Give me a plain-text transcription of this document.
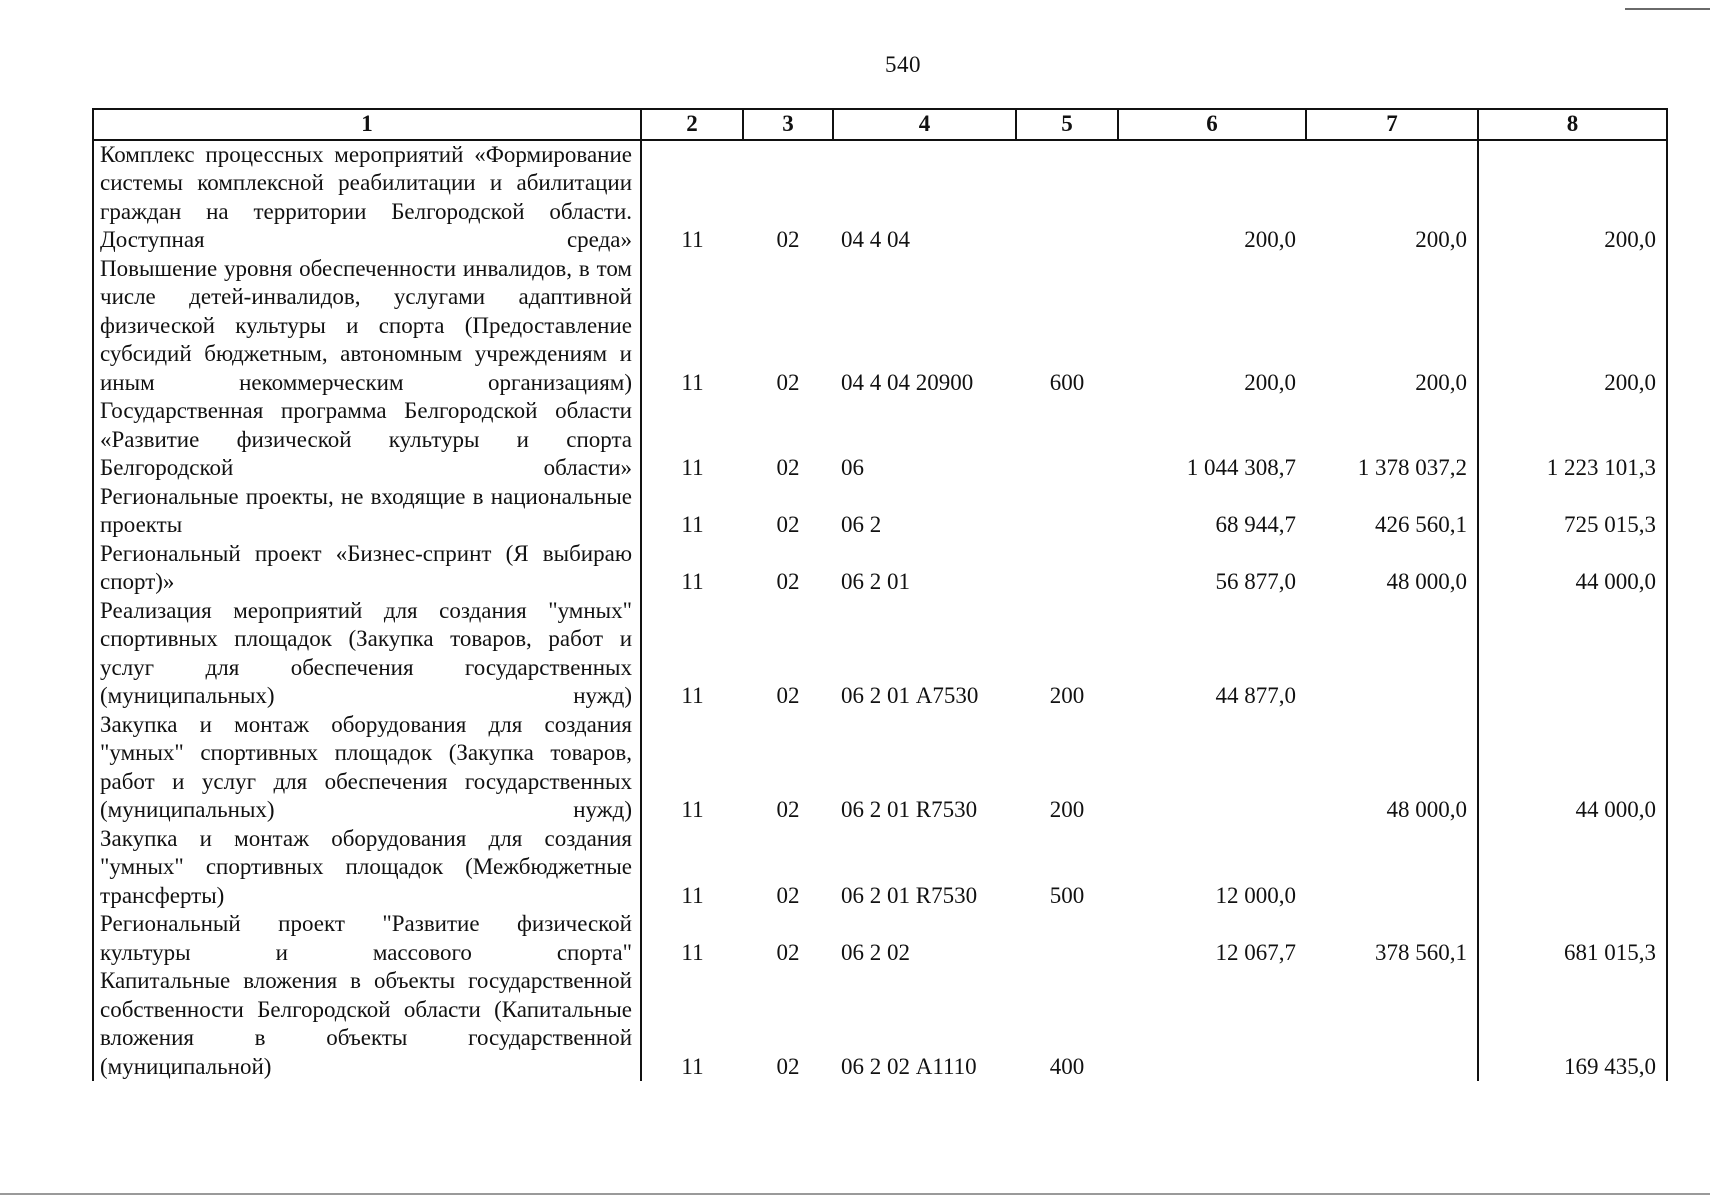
540
1	2	3	4	5	6	7	8
Комплекс процессных мероприятий «Формирование системы комплексной реабилитации и абилитации граждан на территории Белгородской области. Доступная среда»	11	02	04 4 04		200,0	200,0	200,0
Повышение уровня обеспеченности инвалидов, в том числе детей-инвалидов, услугами адаптивной физической культуры и спорта (Предоставление субсидий бюджетным, автономным учреждениям и иным некоммерческим организациям)	11	02	04 4 04 20900	600	200,0	200,0	200,0
Государственная программа Белгородской области «Развитие физической культуры и спорта Белгородской области»	11	02	06		1 044 308,7	1 378 037,2	1 223 101,3
Региональные проекты, не входящие в национальные проекты	11	02	06 2		68 944,7	426 560,1	725 015,3
Региональный проект «Бизнес-спринт (Я выбираю спорт)»	11	02	06 2 01		56 877,0	48 000,0	44 000,0
Реализация мероприятий для создания "умных" спортивных площадок (Закупка товаров, работ и услуг для обеспечения государственных (муниципальных) нужд)	11	02	06 2 01 А7530	200	44 877,0		
Закупка и монтаж оборудования для создания "умных" спортивных площадок (Закупка товаров, работ и услуг для обеспечения государственных (муниципальных) нужд)	11	02	06 2 01 R7530	200		48 000,0	44 000,0
Закупка и монтаж оборудования для создания "умных" спортивных площадок (Межбюджетные трансферты)	11	02	06 2 01 R7530	500	12 000,0		
Региональный проект "Развитие физической культуры и массового спорта"	11	02	06 2 02		12 067,7	378 560,1	681 015,3
Капитальные вложения в объекты государственной собственности Белгородской области (Капитальные вложения в объекты государственной (муниципальной)	11	02	06 2 02 А1110	400			169 435,0
